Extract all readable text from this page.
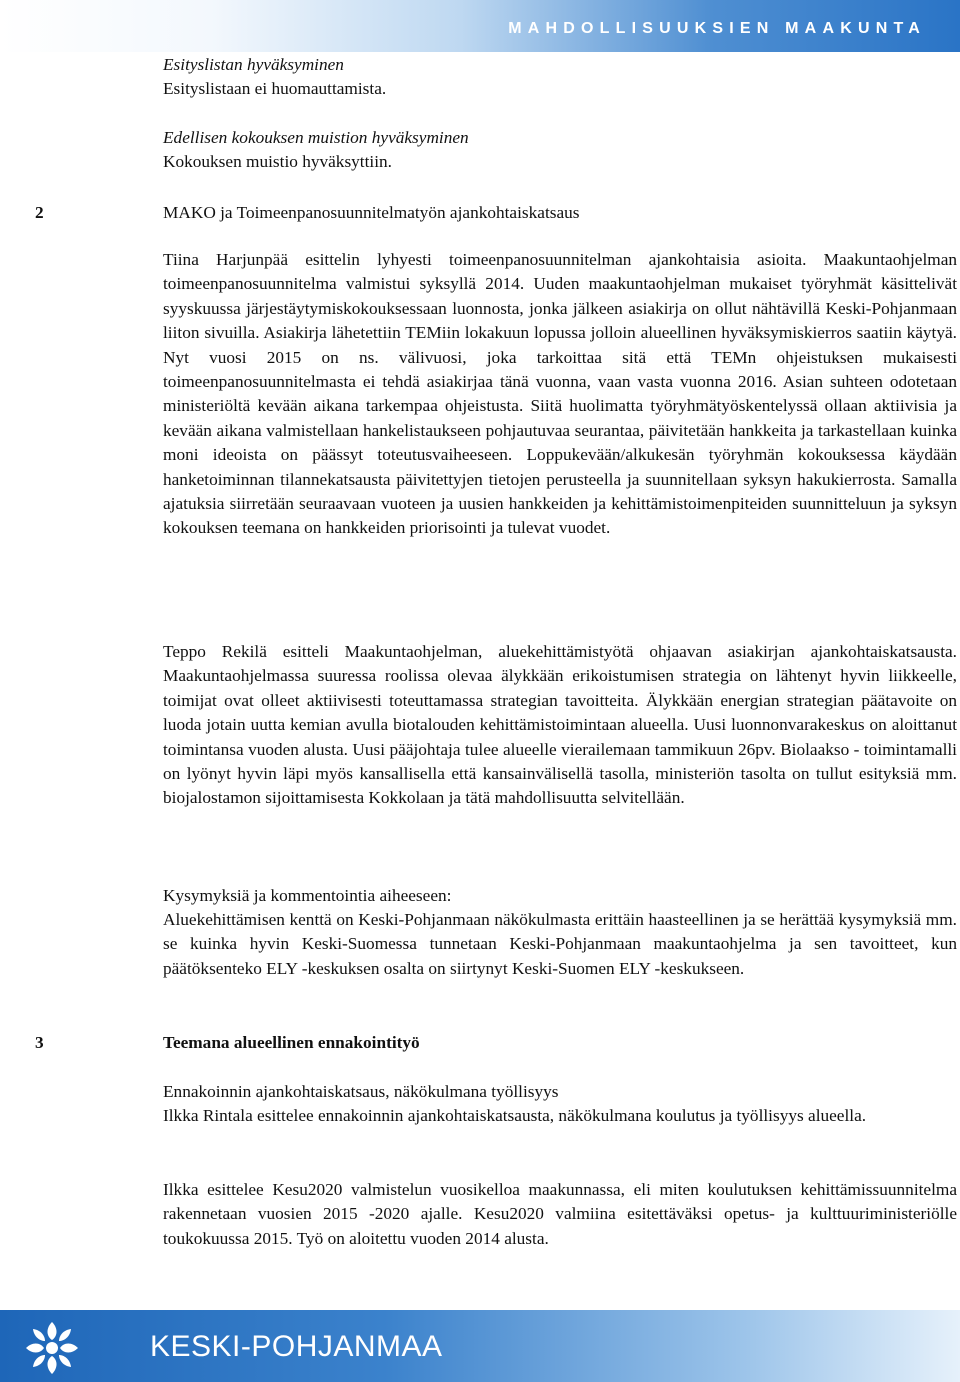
MAHDOLLISUUKSIEN MAAKUNTA

Esityslistan hyväksyminen

Esityslistaan ei huomauttamista.

Edellisen kokouksen muistion hyväksyminen

Kokouksen muistio hyväksyttiin.

2	MAKO ja Toimeenpanosuunnitelmatyön ajankohtaiskatsaus

Tiina Harjunpää esittelin lyhyesti toimeenpanosuunnitelman ajankohtaisia asioita. Maakuntaohjelman toimeenpanosuunnitelma valmistui syksyllä 2014. Uuden maakuntaohjelman mukaiset työryhmät käsittelivät syyskuussa järjestäytymiskokouksessaan luonnosta, jonka jälkeen asiakirja on ollut nähtävillä Keski-Pohjanmaan liiton sivuilla. Asiakirja lähetettiin TEMiin lokakuun lopussa jolloin alueellinen hyväksymiskierros saatiin käytyä. Nyt vuosi 2015 on ns. välivuosi, joka tarkoittaa sitä että TEMn ohjeistuksen mukaisesti toimeenpanosuunnitelmasta ei tehdä asiakirjaa tänä vuonna, vaan vasta vuonna 2016. Asian suhteen odotetaan ministeriöltä kevään aikana tarkempaa ohjeistusta. Siitä huolimatta työryhmätyöskentelyssä ollaan aktiivisia ja kevään aikana valmistellaan hankelistaukseen pohjautuvaa seurantaa, päivitetään hankkeita ja tarkastellaan kuinka moni ideoista on päässyt toteutusvaiheeseen. Loppukevään/alkukesän työryhmän kokouksessa käydään hanketoiminnan tilannekatsausta päivitettyjen tietojen perusteella ja suunnitellaan syksyn hakukierrosta. Samalla ajatuksia siirretään seuraavaan vuoteen ja uusien hankkeiden ja kehittämistoimenpiteiden suunnitteluun ja syksyn kokouksen teemana on hankkeiden priorisointi ja tulevat vuodet.

Teppo Rekilä esitteli Maakuntaohjelman, aluekehittämistyötä ohjaavan asiakirjan ajankohtaiskatsausta. Maakuntaohjelmassa suuressa roolissa olevaa älykkään erikoistumisen strategia on lähtenyt hyvin liikkeelle, toimijat ovat olleet aktiivisesti toteuttamassa strategian tavoitteita. Älykkään energian strategian päätavoite on luoda jotain uutta kemian avulla biotalouden kehittämistoimintaan alueella. Uusi luonnonvarakeskus on aloittanut toimintansa vuoden alusta. Uusi pääjohtaja tulee alueelle vierailemaan tammikuun 26pv. Biolaakso - toimintamalli on lyönyt hyvin läpi myös kansallisella että kansainvälisellä tasolla, ministeriön tasolta on tullut esityksiä mm. biojalostamon sijoittamisesta Kokkolaan ja tätä mahdollisuutta selvitellään.

Kysymyksiä ja kommentointia aiheeseen:

Aluekehittämisen kenttä on Keski-Pohjanmaan näkökulmasta erittäin haasteellinen ja se herättää kysymyksiä mm. se kuinka hyvin Keski-Suomessa tunnetaan Keski-Pohjanmaan maakuntaohjelma ja sen tavoitteet, kun päätöksenteko ELY -keskuksen osalta on siirtynyt Keski-Suomen ELY -keskukseen.

3	Teemana alueellinen ennakointityö

Ennakoinnin ajankohtaiskatsaus, näkökulmana työllisyys

Ilkka Rintala esittelee ennakoinnin ajankohtaiskatsausta, näkökulmana koulutus ja työllisyys alueella.

Ilkka esittelee Kesu2020 valmistelun vuosikelloa maakunnassa, eli miten koulutuksen kehittämissuunnitelma rakennetaan vuosien 2015 -2020 ajalle. Kesu2020 valmiina esitettäväksi opetus- ja kulttuuriministeriölle toukokuussa 2015. Työ on aloitettu vuoden 2014 alusta.

KESKI-POHJANMAA
